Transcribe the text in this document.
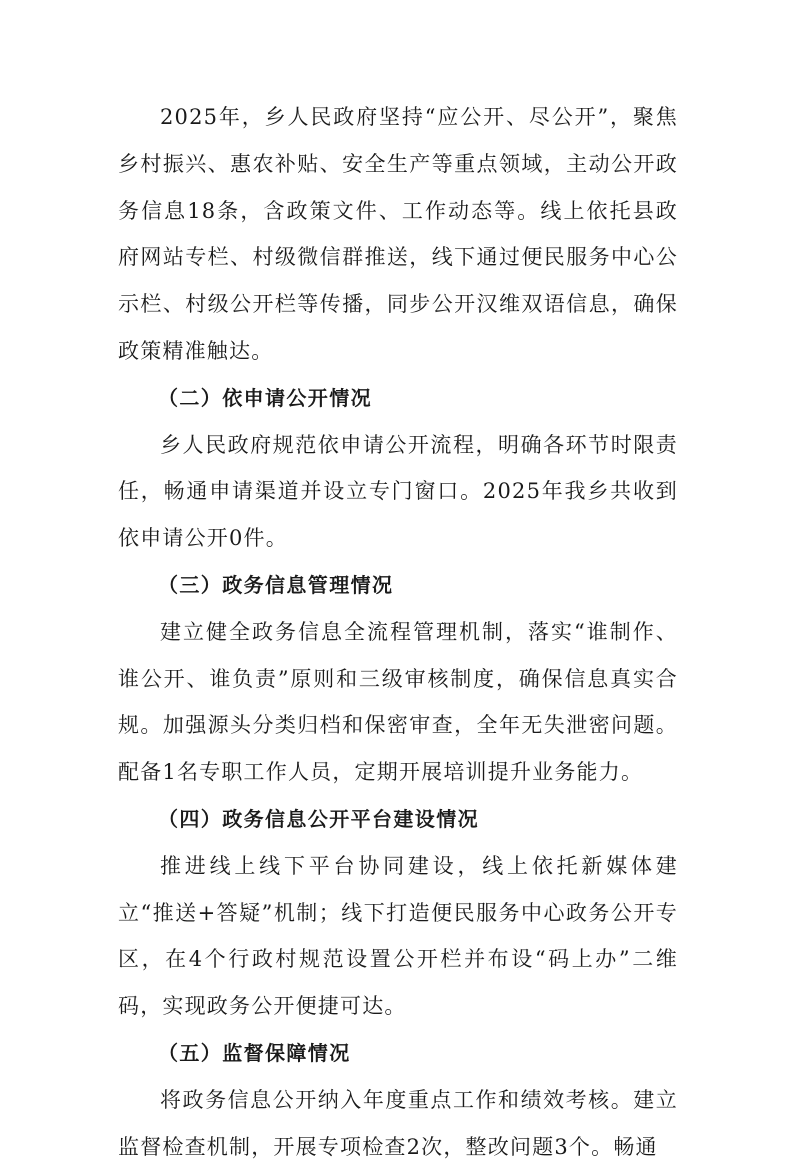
2025年，乡人民政府坚持“应公开、尽公开”，聚焦乡村振兴、惠农补贴、安全生产等重点领域，主动公开政务信息18条，含政策文件、工作动态等。线上依托县政府网站专栏、村级微信群推送，线下通过便民服务中心公示栏、村级公开栏等传播，同步公开汉维双语信息，确保政策精准触达。

（二）依申请公开情况

乡人民政府规范依申请公开流程，明确各环节时限责任，畅通申请渠道并设立专门窗口。2025年我乡共收到依申请公开0件。

（三）政务信息管理情况

建立健全政务信息全流程管理机制，落实“谁制作、谁公开、谁负责”原则和三级审核制度，确保信息真实合规。加强源头分类归档和保密审查，全年无失泄密问题。配备1名专职工作人员，定期开展培训提升业务能力。

（四）政务信息公开平台建设情况

推进线上线下平台协同建设，线上依托新媒体建立“推送+答疑”机制；线下打造便民服务中心政务公开专区，在4个行政村规范设置公开栏并布设“码上办”二维码，实现政务公开便捷可达。

（五）监督保障情况

将政务信息公开纳入年度重点工作和绩效考核。建立监督检查机制，开展专项检查2次，整改问题3个。畅通
